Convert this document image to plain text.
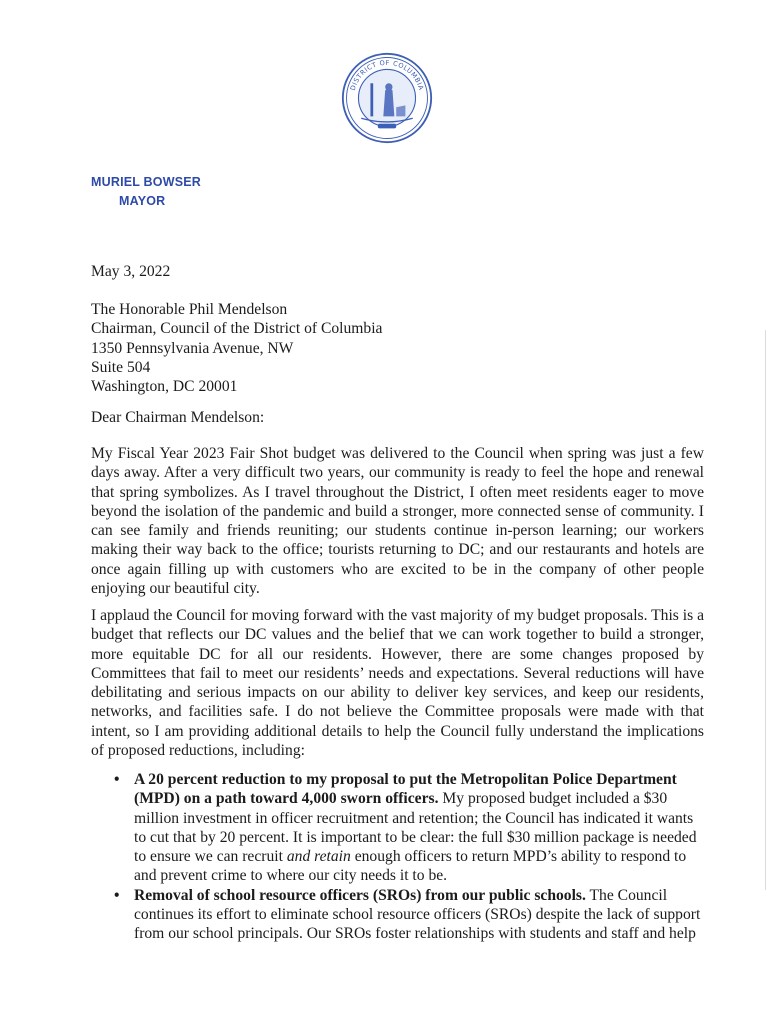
DISTRICT OF COLUMBIA
MURIEL BOWSER
MAYOR
May 3, 2022
The Honorable Phil Mendelson
Chairman, Council of the District of Columbia
1350 Pennsylvania Avenue, NW
Suite 504
Washington, DC 20001
Dear Chairman Mendelson:

My Fiscal Year 2023 Fair Shot budget was delivered to the Council when spring was just a few days away. After a very difficult two years, our community is ready to feel the hope and renewal that spring symbolizes. As I travel throughout the District, I often meet residents eager to move beyond the isolation of the pandemic and build a stronger, more connected sense of community. I can see family and friends reuniting; our students continue in-person learning; our workers making their way back to the office; tourists returning to DC; and our restaurants and hotels are once again filling up with customers who are excited to be in the company of other people enjoying our beautiful city.

I applaud the Council for moving forward with the vast majority of my budget proposals. This is a budget that reflects our DC values and the belief that we can work together to build a stronger, more equitable DC for all our residents. However, there are some changes proposed by Committees that fail to meet our residents’ needs and expectations. Several reductions will have debilitating and serious impacts on our ability to deliver key services, and keep our residents, networks, and facilities safe. I do not believe the Committee proposals were made with that intent, so I am providing additional details to help the Council fully understand the implications of proposed reductions, including:

• A 20 percent reduction to my proposal to put the Metropolitan Police Department (MPD) on a path toward 4,000 sworn officers. My proposed budget included a $30 million investment in officer recruitment and retention; the Council has indicated it wants to cut that by 20 percent. It is important to be clear: the full $30 million package is needed to ensure we can recruit and retain enough officers to return MPD’s ability to respond to and prevent crime to where our city needs it to be.

• Removal of school resource officers (SROs) from our public schools. The Council continues its effort to eliminate school resource officers (SROs) despite the lack of support from our school principals. Our SROs foster relationships with students and staff and help
